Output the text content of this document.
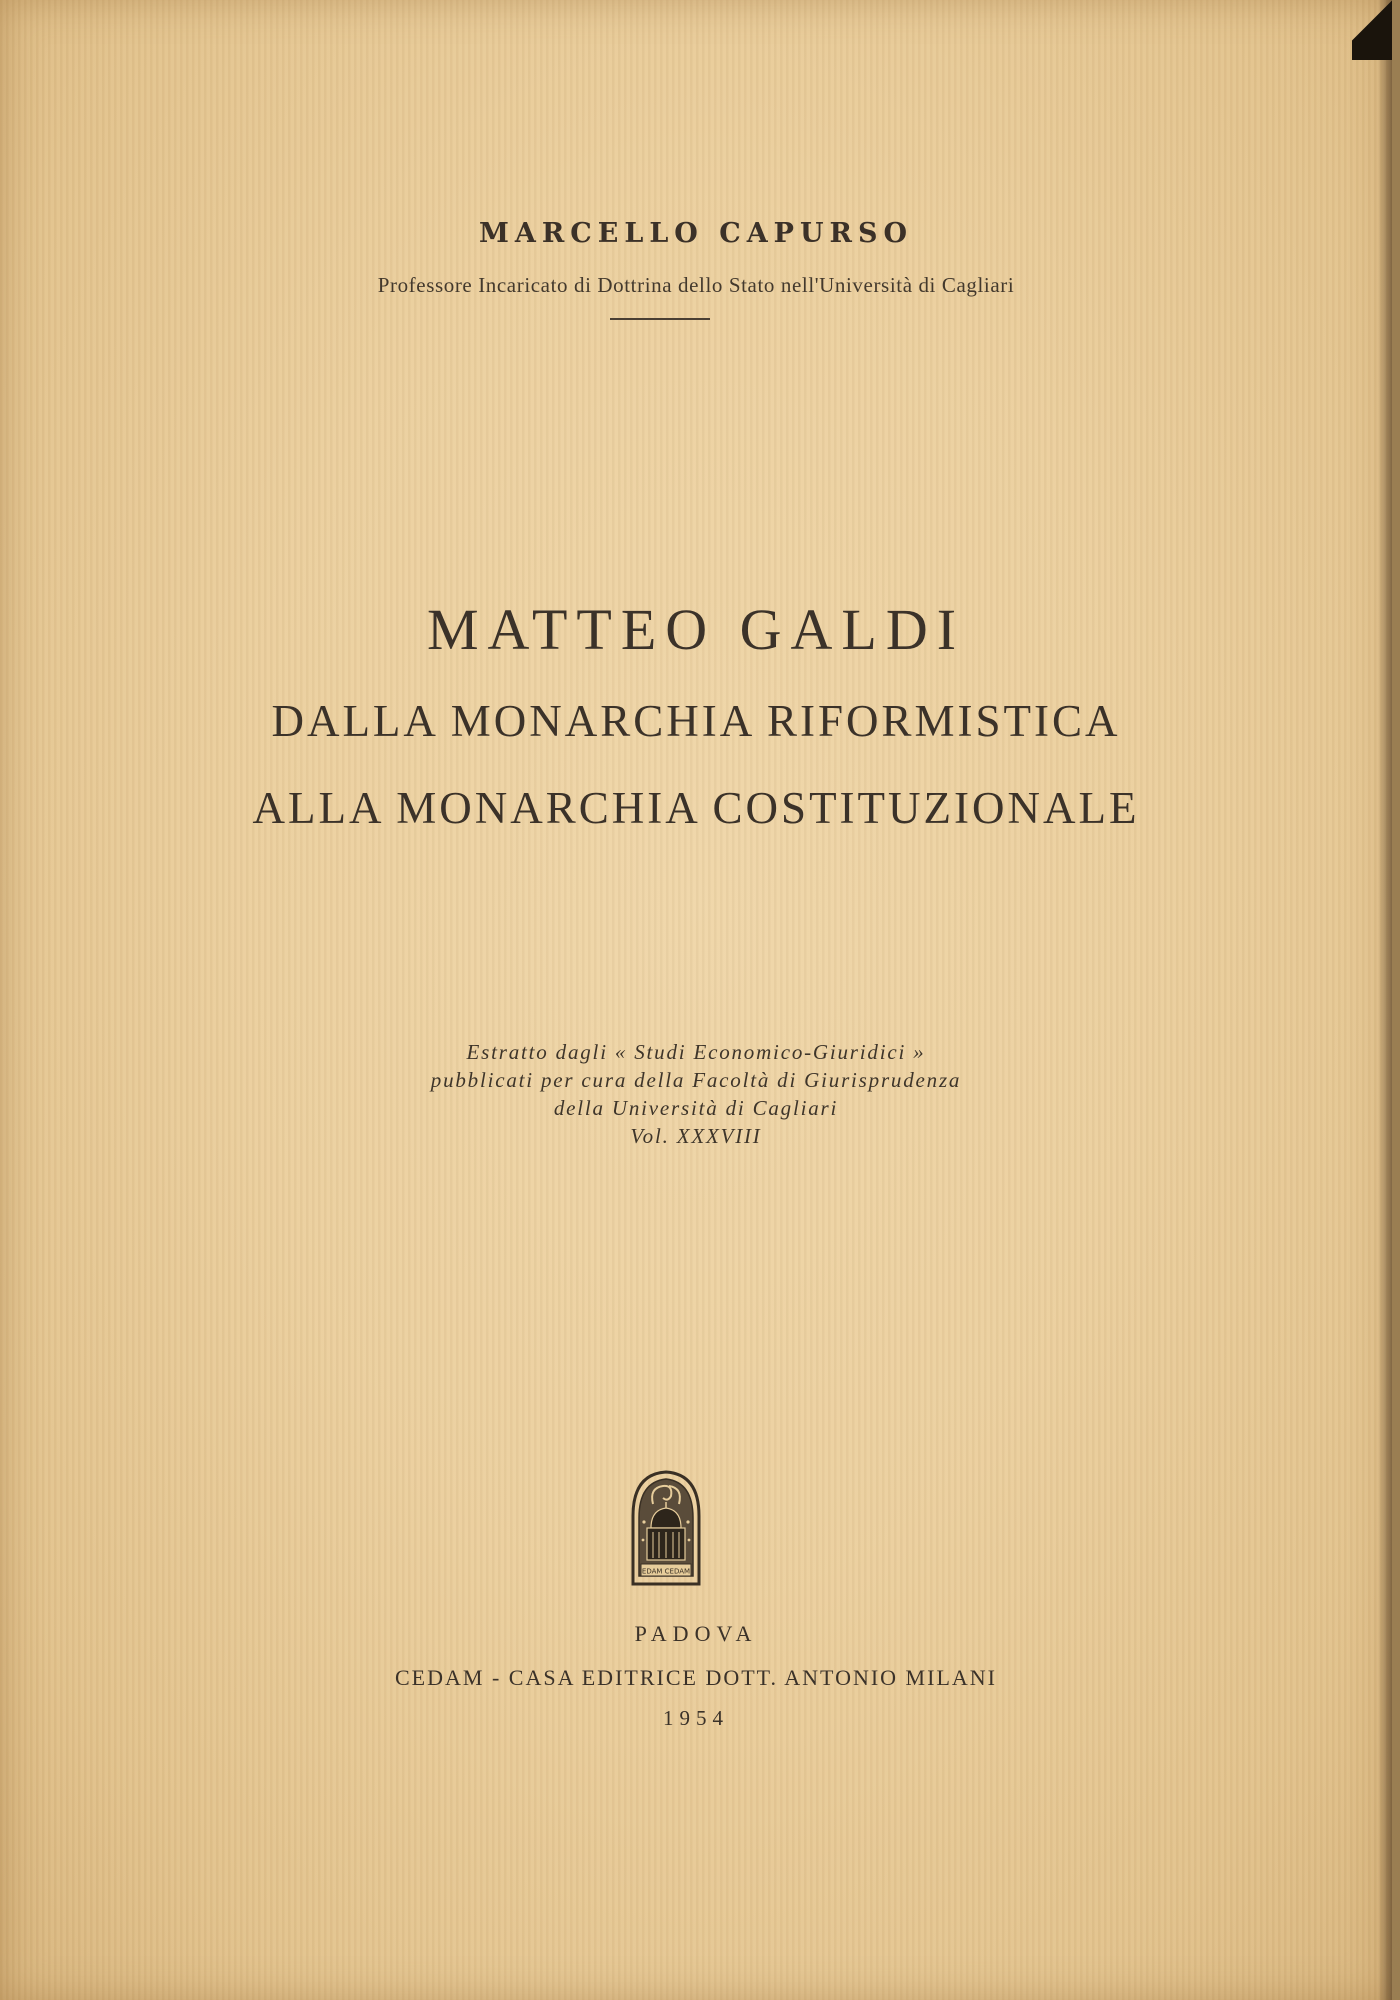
MARCELLO CAPURSO
Professore Incaricato di Dottrina dello Stato nell'Università di Cagliari
MATTEO GALDI
DALLA MONARCHIA RIFORMISTICA
ALLA MONARCHIA COSTITUZIONALE
Estratto dagli « Studi Economico-Giuridici »
pubblicati per cura della Facoltà di Giurisprudenza
della Università di Cagliari
Vol. XXXVIII
EDAM CEDAM
PADOVA
CEDAM - CASA EDITRICE DOTT. ANTONIO MILANI
1954
